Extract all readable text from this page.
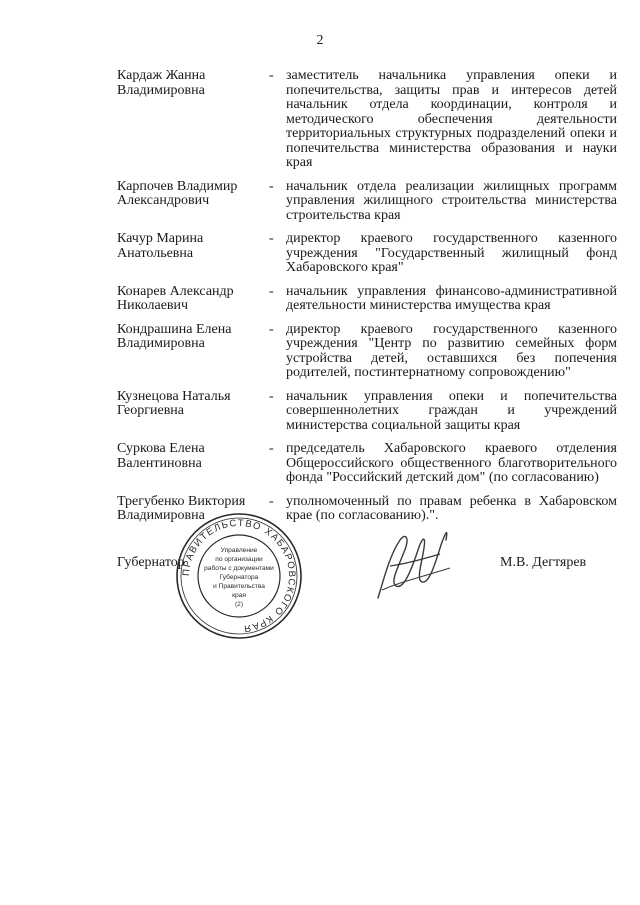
2
Кардаж Жанна
Владимировна
- заместитель начальника управления опеки и попечительства, защиты прав и интересов детей начальник отдела координации, контроля и методического обеспечения деятельности территориальных структурных подразделений опеки и попечительства министерства образования и науки края
Карпочев Владимир
Александрович
- начальник отдела реализации жилищных программ управления жилищного строительства министерства строительства края
Качур Марина
Анатольевна
- директор краевого государственного казенного учреждения "Государственный жилищный фонд Хабаровского края"
Конарев Александр
Николаевич
- начальник управления финансово-административной деятельности министерства имущества края
Кондрашина Елена
Владимировна
- директор краевого государственного казенного учреждения "Центр по развитию семейных форм устройства детей, оставшихся без попечения родителей, постинтернатному сопровождению"
Кузнецова Наталья
Георгиевна
- начальник управления опеки и попечительства совершеннолетних граждан и учреждений министерства социальной защиты края
Суркова Елена
Валентиновна
- председатель Хабаровского краевого отделения Общероссийского общественного благотворительного фонда "Российский детский дом" (по согласованию)
Трегубенко Виктория
Владимировна
- уполномоченный по правам ребенка в Хабаровском крае (по согласованию).".
Губернатор
ПРАВИТЕЛЬСТВО ХАБАРОВСКОГО КРАЯ
Управление
по организации
работы с документами
Губернатора
и Правительства
края
(2)
М.В. Дегтярев
